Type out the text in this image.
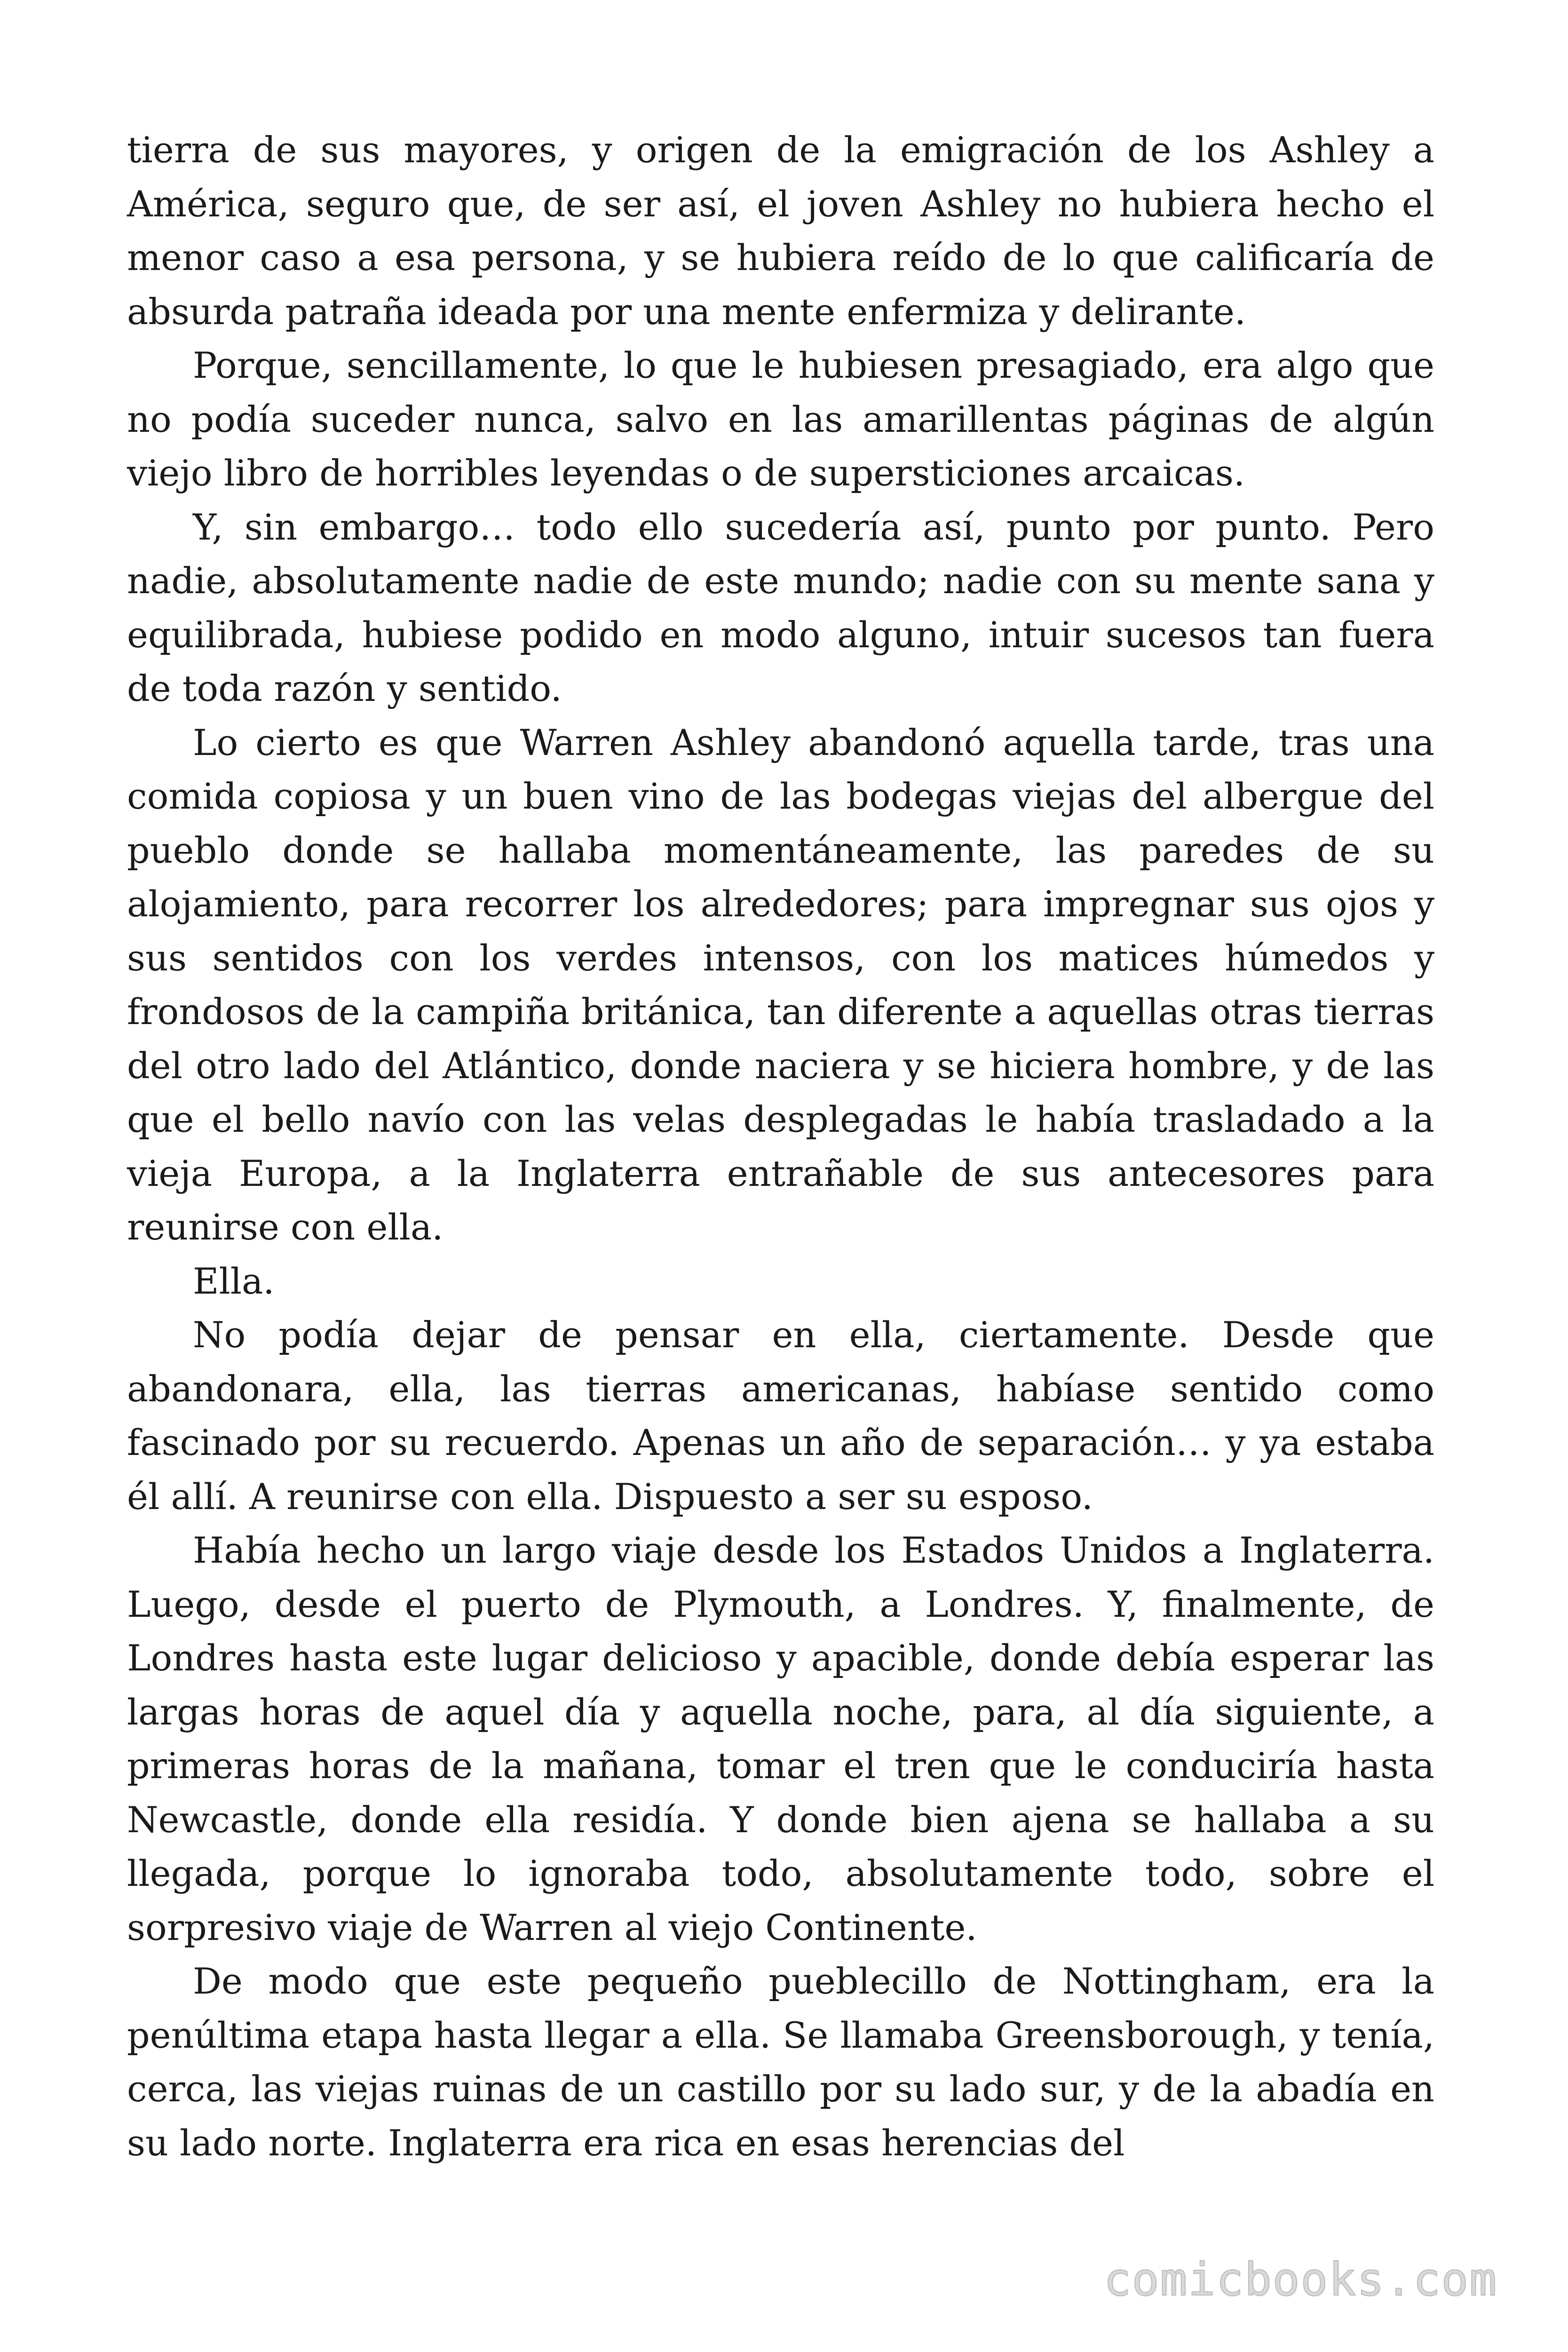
tierra de sus mayores, y origen de la emigración de los Ashley a América, seguro que, de ser así, el joven Ashley no hubiera hecho el menor caso a esa persona, y se hubiera reído de lo que calificaría de absurda patraña ideada por una mente enfermiza y delirante.

Porque, sencillamente, lo que le hubiesen presagiado, era algo que no podía suceder nunca, salvo en las amarillentas páginas de algún viejo libro de horribles leyendas o de supersticiones arcaicas.

Y, sin embargo… todo ello sucedería así, punto por punto. Pero nadie, absolutamente nadie de este mundo; nadie con su mente sana y equilibrada, hubiese podido en modo alguno, intuir sucesos tan fuera de toda razón y sentido.

Lo cierto es que Warren Ashley abandonó aquella tarde, tras una comida copiosa y un buen vino de las bodegas viejas del albergue del pueblo donde se hallaba momentáneamente, las paredes de su alojamiento, para recorrer los alrededores; para impregnar sus ojos y sus sentidos con los verdes intensos, con los matices húmedos y frondosos de la campiña británica, tan diferente a aquellas otras tierras del otro lado del Atlántico, donde naciera y se hiciera hombre, y de las que el bello navío con las velas desplegadas le había trasladado a la vieja Europa, a la Inglaterra entrañable de sus antecesores para reunirse con ella.

Ella.

No podía dejar de pensar en ella, ciertamente. Desde que abandonara, ella, las tierras americanas, habíase sentido como fascinado por su recuerdo. Apenas un año de separación… y ya estaba él allí. A reunirse con ella. Dispuesto a ser su esposo.

Había hecho un largo viaje desde los Estados Unidos a Inglaterra. Luego, desde el puerto de Plymouth, a Londres. Y, finalmente, de Londres hasta este lugar delicioso y apacible, donde debía esperar las largas horas de aquel día y aquella noche, para, al día siguiente, a primeras horas de la mañana, tomar el tren que le conduciría hasta Newcastle, donde ella residía. Y donde bien ajena se hallaba a su llegada, porque lo ignoraba todo, absolutamente todo, sobre el sorpresivo viaje de Warren al viejo Continente.

De modo que este pequeño pueblecillo de Nottingham, era la penúltima etapa hasta llegar a ella. Se llamaba Greensborough, y tenía, cerca, las viejas ruinas de un castillo por su lado sur, y de la abadía en su lado norte. Inglaterra era rica en esas herencias del

comicbooks.com
